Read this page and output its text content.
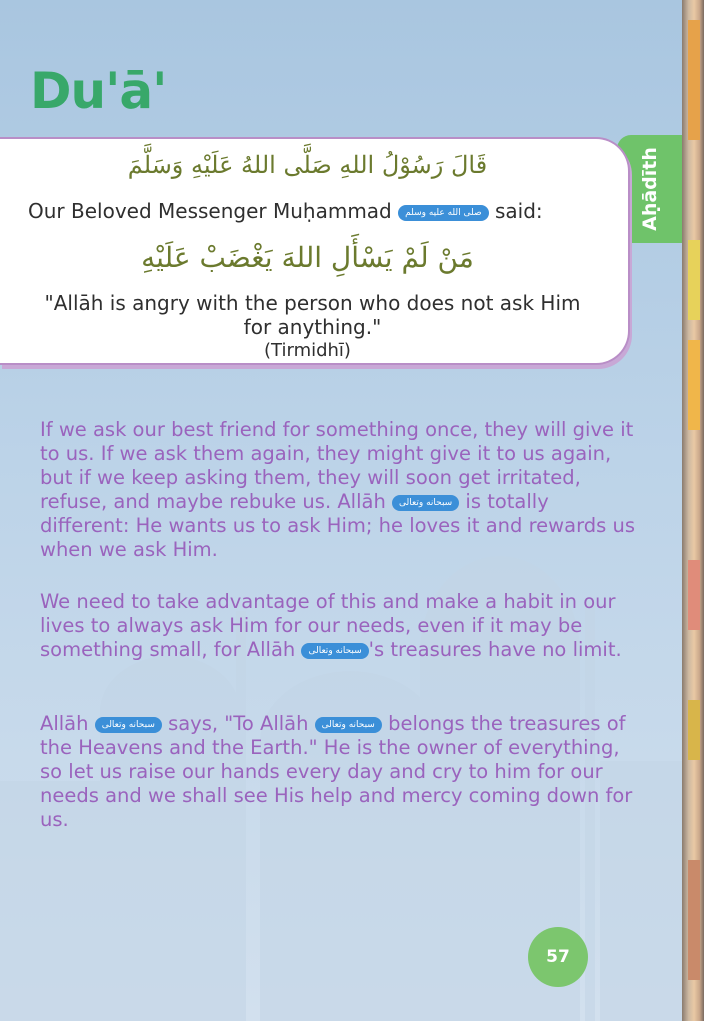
Du'ā'
Aḥādīth
قَالَ رَسُوْلُ اللهِ صَلَّى اللهُ عَلَيْهِ وَسَلَّمَ
Our Beloved Messenger Muḥammad صلى الله عليه وسلم said:
مَنْ لَمْ يَسْأَلِ اللهَ يَغْضَبْ عَلَيْهِ
"Allāh is angry with the person who does not ask Him
for anything."
(Tirmidhī)

If we ask our best friend for something once, they will give it to us. If we ask them again, they might give it to us again, but if we keep asking them, they will soon get irritated, refuse, and maybe rebuke us. Allāh سبحانه وتعالى is totally different: He wants us to ask Him; he loves it and rewards us when we ask Him.

We need to take advantage of this and make a habit in our lives to always ask Him for our needs, even if it may be something small, for Allāh سبحانه وتعالى 's treasures have no limit.

Allāh سبحانه وتعالى says, "To Allāh سبحانه وتعالى belongs the treasures of the Heavens and the Earth." He is the owner of everything, so let us raise our hands every day and cry to him for our needs and we shall see His help and mercy coming down for us.

57
